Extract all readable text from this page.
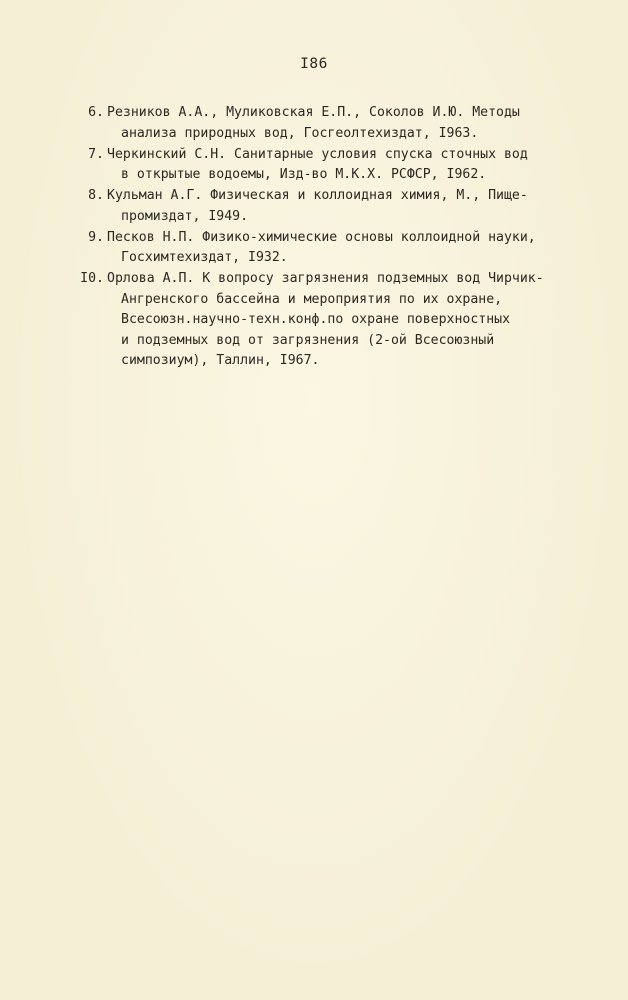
I86
6. Резников А.А., Муликовская Е.П., Соколов И.Ю. Методы
анализа природных вод, Госгеолтехиздат, I963.
7. Черкинский С.Н. Санитарные условия спуска сточных вод
в открытые водоемы, Изд-во М.К.Х. РСФСР, I962.
8. Кульман А.Г. Физическая и коллоидная химия, М., Пище-
промиздат, I949.
9. Песков Н.П. Физико-химические основы коллоидной науки,
Госхимтехиздат, I932.
I0. Орлова А.П. К вопросу загрязнения подземных вод Чирчик-
Ангренского бассейна и мероприятия по их охране,
Всесоюзн.научно-техн.конф.по охране поверхностных
и подземных вод от загрязнения (2-ой Всесоюзный
симпозиум), Таллин, I967.
